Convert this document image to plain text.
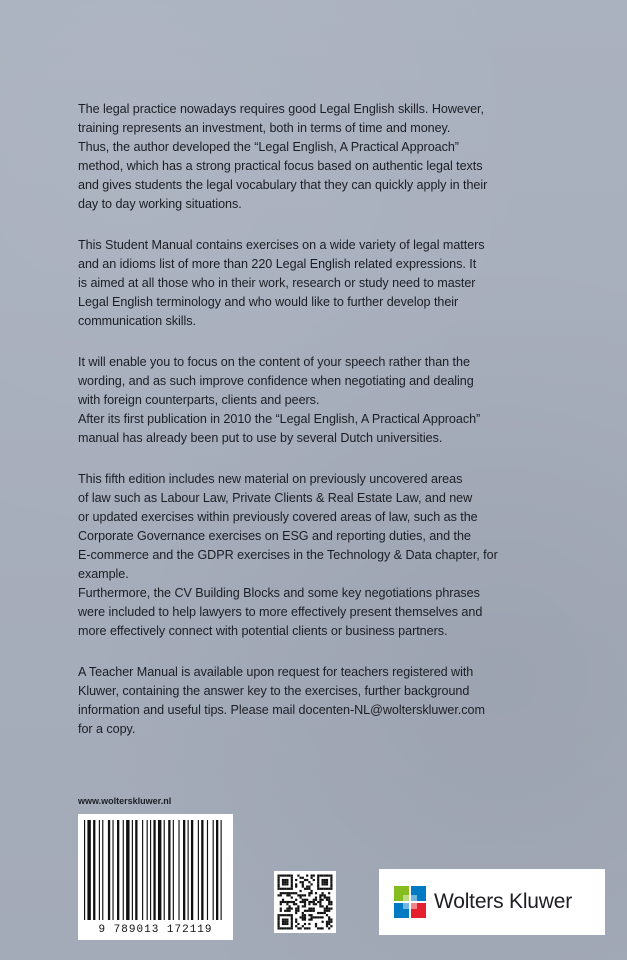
The legal practice nowadays requires good Legal English skills. However,
training represents an investment, both in terms of time and money.
Thus, the author developed the “Legal English, A Practical Approach”
method, which has a strong practical focus based on authentic legal texts
and gives students the legal vocabulary that they can quickly apply in their
day to day working situations.

This Student Manual contains exercises on a wide variety of legal matters
and an idioms list of more than 220 Legal English related expressions. It
is aimed at all those who in their work, research or study need to master
Legal English terminology and who would like to further develop their
communication skills.

It will enable you to focus on the content of your speech rather than the
wording, and as such improve confidence when negotiating and dealing
with foreign counterparts, clients and peers.
After its first publication in 2010 the “Legal English, A Practical Approach”
manual has already been put to use by several Dutch universities.

This fifth edition includes new material on previously uncovered areas
of law such as Labour Law, Private Clients & Real Estate Law, and new
or updated exercises within previously covered areas of law, such as the
Corporate Governance exercises on ESG and reporting duties, and the
E-commerce and the GDPR exercises in the Technology & Data chapter, for
example.
Furthermore, the CV Building Blocks and some key negotiations phrases
were included to help lawyers to more effectively present themselves and
more effectively connect with potential clients or business partners.

A Teacher Manual is available upon request for teachers registered with
Kluwer, containing the answer key to the exercises, further background
information and useful tips. Please mail docenten-NL@wolterskluwer.com
for a copy.

www.wolterskluwer.nl
9 789013 172119
Wolters Kluwer
